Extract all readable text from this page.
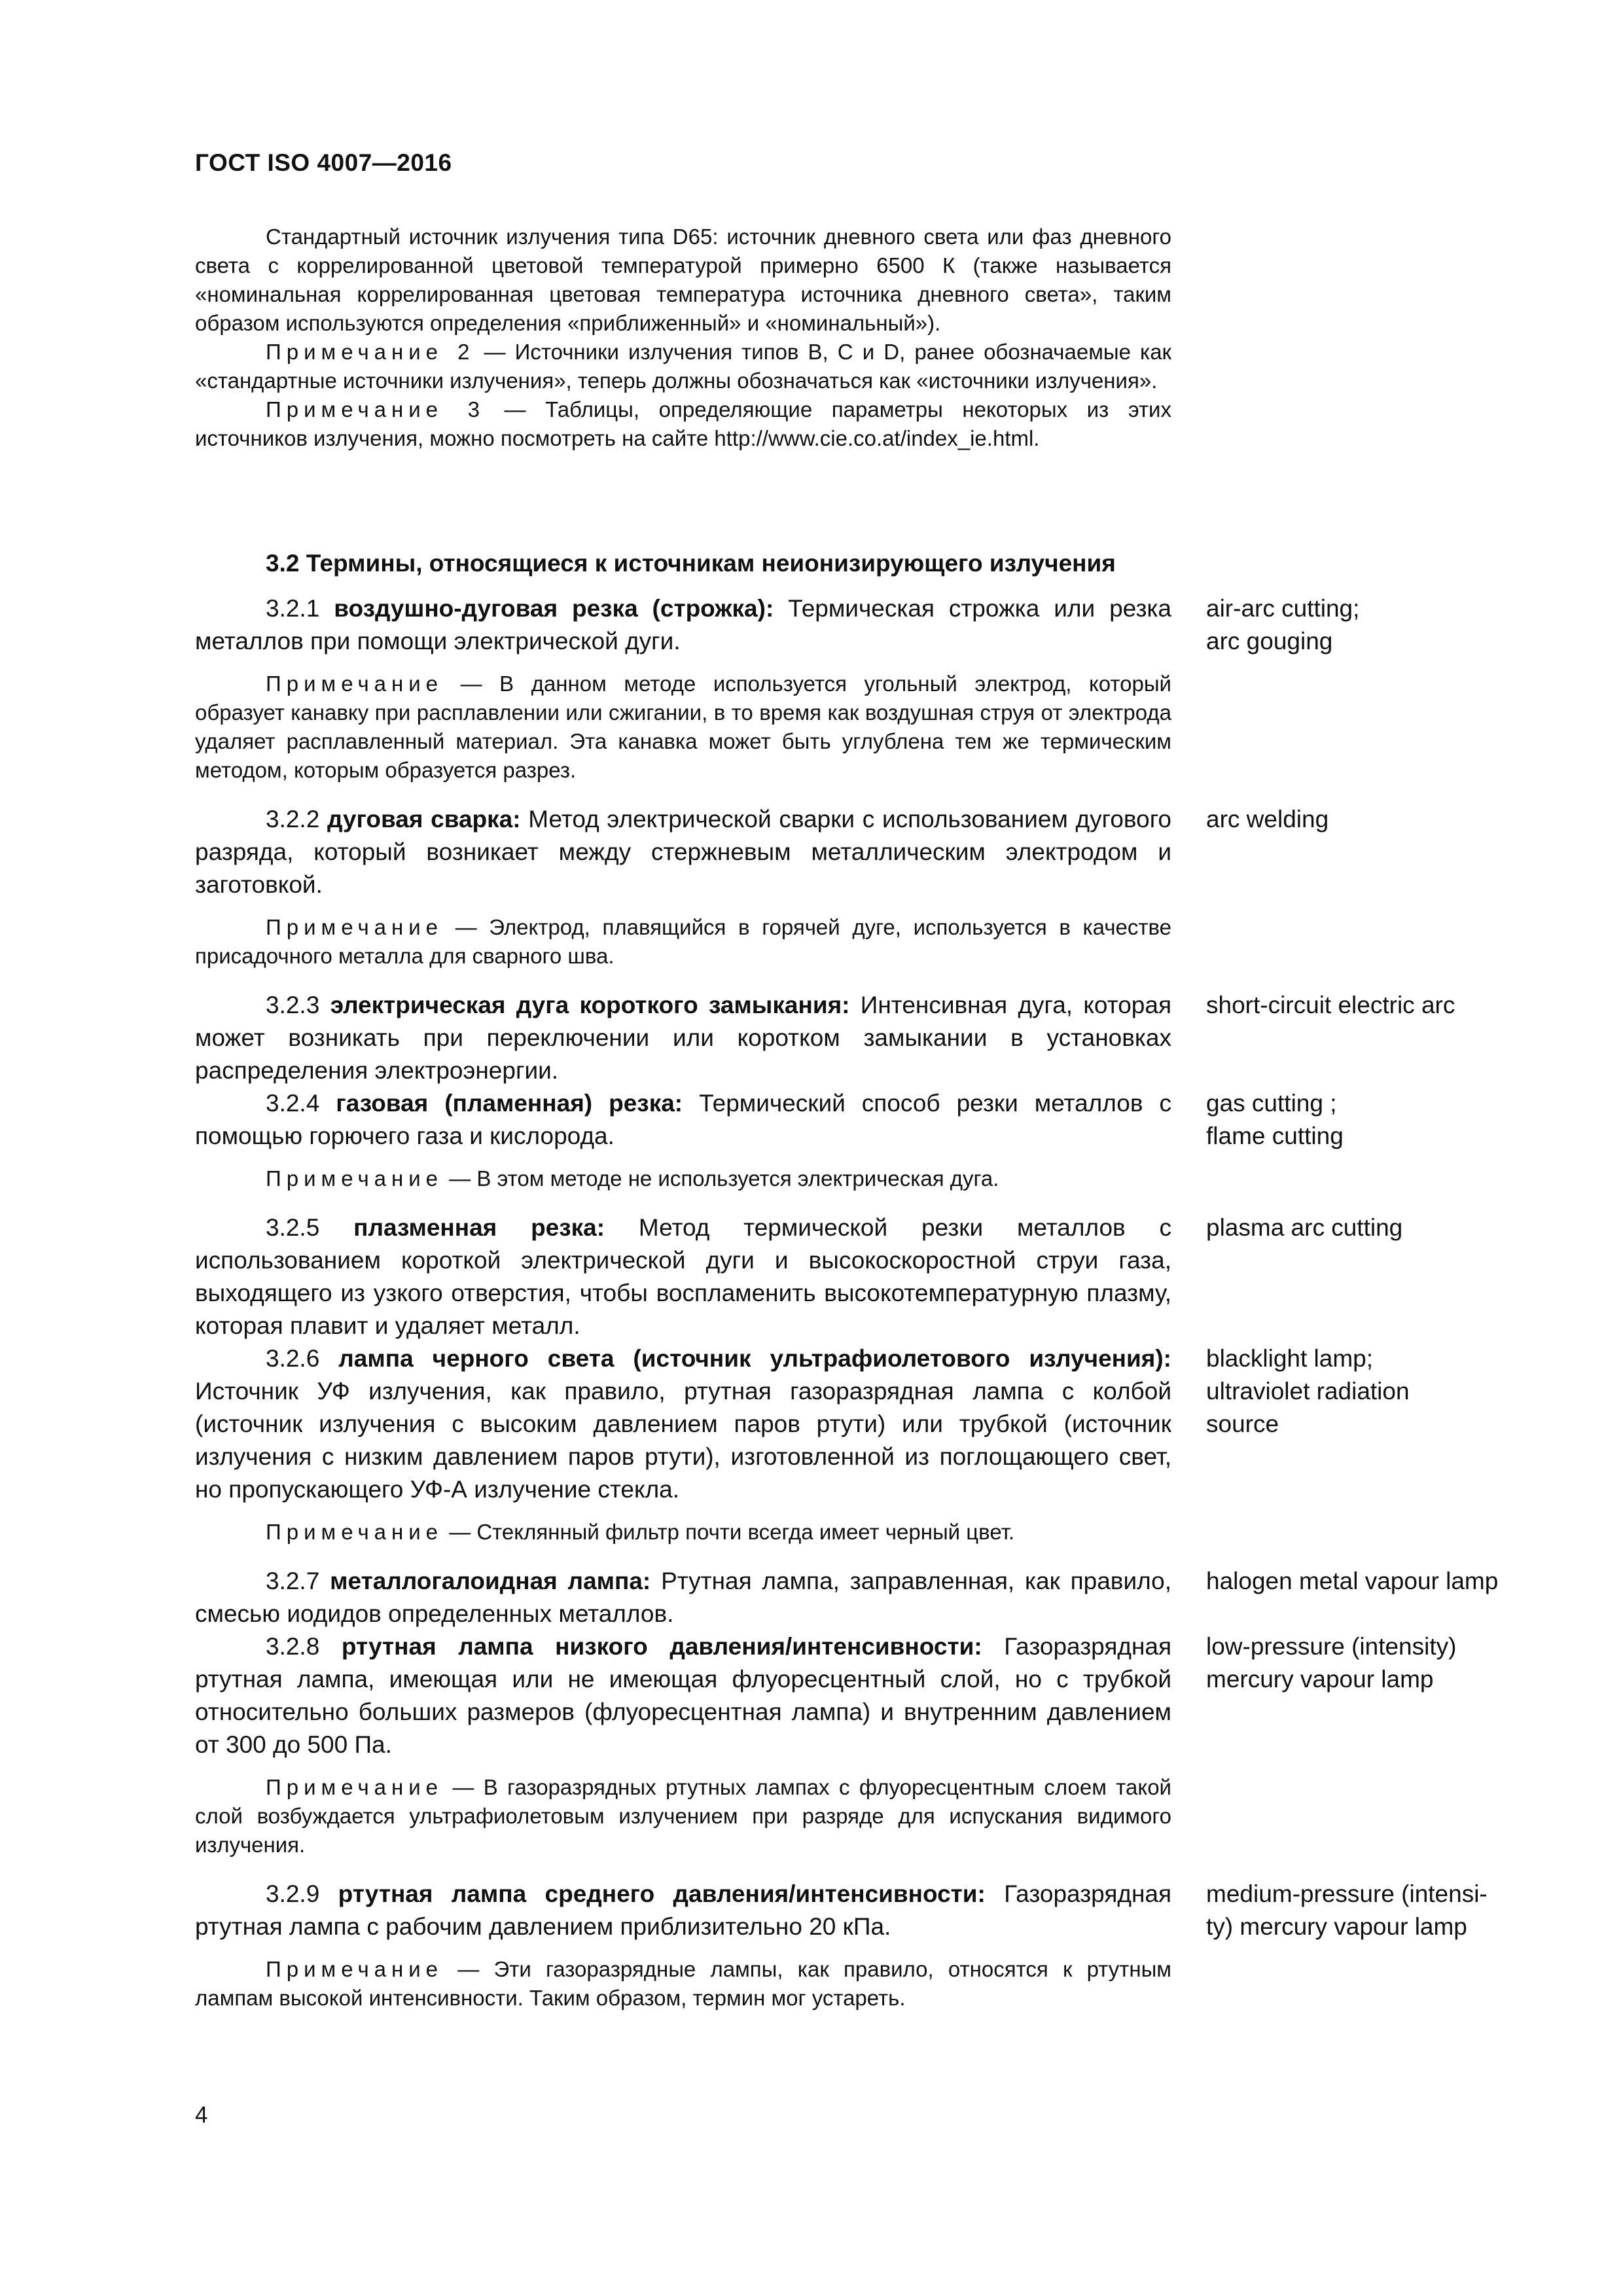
ГОСТ ISO 4007—2016

Стандартный источник излучения типа D65: источник дневного света или фаз дневного света с коррелированной цветовой температурой примерно 6500 К (также называется «номинальная коррелированная цветовая температура источника дневного света», таким образом используются определения «приближенный» и «номинальный»).

Примечание 2 — Источники излучения типов В, С и D, ранее обозначаемые как «стандартные источники излучения», теперь должны обозначаться как «источники излучения».

Примечание 3 — Таблицы, определяющие параметры некоторых из этих источников излучения, можно посмотреть на сайте http://www.cie.co.at/index_ie.html.

3.2 Термины, относящиеся к источникам неионизирующего излучения

3.2.1 воздушно-дуговая резка (строжка): Термическая строжка или резка металлов при помощи электрической дуги.

air-arc cutting;
arc gouging

Примечание — В данном методе используется угольный электрод, который образует канавку при расплавлении или сжигании, в то время как воздушная струя от электрода удаляет расплавленный материал. Эта канавка может быть углублена тем же термическим методом, которым образуется разрез.

3.2.2 дуговая сварка: Метод электрической сварки с использованием дугового разряда, который возникает между стержневым металлическим электродом и заготовкой.

arc welding

Примечание — Электрод, плавящийся в горячей дуге, используется в качестве присадочного металла для сварного шва.

3.2.3 электрическая дуга короткого замыкания: Интенсивная дуга, которая может возникать при переключении или коротком замыкании в установках распределения электроэнергии.

short-circuit electric arc

3.2.4 газовая (пламенная) резка: Термический способ резки металлов с помощью горючего газа и кислорода.

gas cutting ;
flame cutting

Примечание — В этом методе не используется электрическая дуга.

3.2.5 плазменная резка: Метод термической резки металлов с использованием короткой электрической дуги и высокоскоростной струи газа, выходящего из узкого отверстия, чтобы воспламенить высокотемпературную плазму, которая плавит и удаляет металл.

plasma arc cutting

3.2.6 лампа черного света (источник ультрафиолетового излучения): Источник УФ излучения, как правило, ртутная газоразрядная лампа с колбой (источник излучения с высоким давлением паров ртути) или трубкой (источник излучения с низким давлением паров ртути), изготовленной из поглощающего свет, но пропускающего УФ-А излучение стекла.

blacklight lamp;
ultraviolet radiation
source

Примечание — Стеклянный фильтр почти всегда имеет черный цвет.

3.2.7 металлогалоидная лампа: Ртутная лампа, заправленная, как правило, смесью иодидов определенных металлов.

halogen metal vapour lamp

3.2.8 ртутная лампа низкого давления/интенсивности: Газоразрядная ртутная лампа, имеющая или не имеющая флуоресцентный слой, но с трубкой относительно больших размеров (флуоресцентная лампа) и внутренним давлением от 300 до 500 Па.

low-pressure (intensity)
mercury vapour lamp

Примечание — В газоразрядных ртутных лампах с флуоресцентным слоем такой слой возбуждается ультрафиолетовым излучением при разряде для испускания видимого излучения.

3.2.9 ртутная лампа среднего давления/интенсивности: Газоразрядная ртутная лампа с рабочим давлением приблизительно 20 кПа.

medium-pressure (intensi-
ty) mercury vapour lamp

Примечание — Эти газоразрядные лампы, как правило, относятся к ртутным лампам высокой интенсивности. Таким образом, термин мог устареть.

4
